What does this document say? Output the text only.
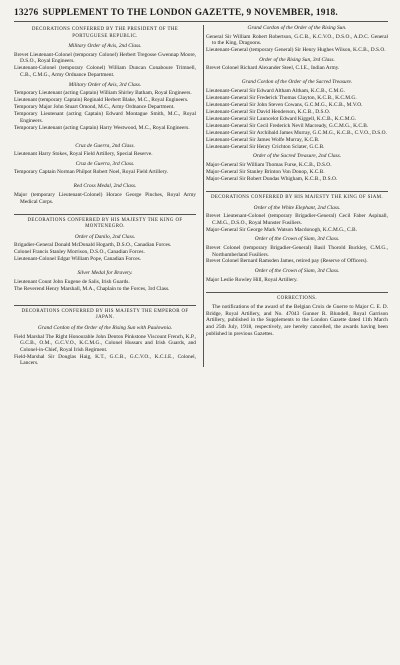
13276 SUPPLEMENT TO THE LONDON GAZETTE, 9 NOVEMBER, 1918.
DECORATIONS CONFERRED BY THE PRESIDENT OF THE PORTUGUESE REPUBLIC.
Military Order of Avis, 2nd Class.
Brevet Lieutenant-Colonel (temporary Colonel) Herbert Tregosse Gwennap Moore, D.S.O., Royal Engineers.
Lieutenant-Colonel (temporary Colonel) William Duncan Conaboure Trimnell, C.B., C.M.G., Army Ordnance Department.
Military Order of Avis, 3rd Class.
Temporary Lieutenant (acting Captain) William Shirley Batham, Royal Engineers.
Lieutenant (temporary Captain) Reginald Herbert Blake, M.C., Royal Engineers.
Temporary Major John Stuart Omond, M.C., Army Ordnance Department.
Temporary Lieutenant (acting Captain) Edward Montague Smith, M.C., Royal Engineers.
Temporary Lieutenant (acting Captain) Harry Westwood, M.C., Royal Engineers.
Cruz de Guerra, 2nd Class.
Lieutenant Harry Stokes, Royal Field Artillery, Special Reserve.
Cruz de Guerra, 3rd Class.
Temporary Captain Norman Philpot Robert Noel, Royal Field Artillery.
Red Cross Medal, 2nd Class.
Major (temporary Lieutenant-Colonel) Horace George Pinches, Royal Army Medical Corps.
DECORATIONS CONFERRED BY HIS MAJESTY THE KING OF MONTENEGRO.
Order of Danilo, 2nd Class.
Brigadier-General Donald McDonald Hogarth, D.S.O., Canadian Forces.
Colonel Francis Stanley Morrison, D.S.O., Canadian Forces.
Lieutenant-Colonel Edgar William Pope, Canadian Forces.
Silver Medal for Bravery.
Lieutenant Count John Eugene de Salis, Irish Guards.
The Reverend Henry Marshall, M.A., Chaplain to the Forces, 3rd Class.
DECORATIONS CONFERRED BY HIS MAJESTY THE EMPEROR OF JAPAN.
Grand Cordon of the Order of the Rising Sun with Paulownia.
Field Marshal The Right Honourable John Denton Pinkstone Viscount French, K.P., G.C.B., O.M., G.C.V.O., K.C.M.G., Colonel Hussars and Irish Guards, and Colonel-in-Chief, Royal Irish Regiment.
Field-Marshal Sir Douglas Haig, K.T., G.C.B., G.C.V.O., K.C.I.E., Colonel, Lancers.
Grand Cordon of the Order of the Rising Sun.
General Sir William Robert Robertson, G.C.B., K.C.V.O., D.S.O., A.D.C. General to the King, Dragoons.
Lieutenant-General (temporary General) Sir Henry Hughes Wilson, K.C.B., D.S.O.
Order of the Rising Sun, 3rd Class.
Brevet Colonel Richard Alexander Steel, C.I.E., Indian Army.
Grand Cordon of the Order of the Sacred Treasure.
Lieutenant-General Sir Edward Altham Altham, K.C.B., C.M.G.
Lieutenant-General Sir Frederick Thomas Clayton, K.C.B., K.C.M.G.
Lieutenant-General Sir John Steven Cowans, G.C.M.G., K.C.B., M.V.O.
Lieutenant-General Sir David Henderson, K.C.B., D.S.O.
Lieutenant-General Sir Launcelot Edward Kiggell, K.C.B., K.C.M.G.
Lieutenant-General Sir Cecil Frederick Nevil Macready, G.C.M.G., K.C.B.
Lieutenant-General Sir Archibald James Murray, G.C.M.G., K.C.B., C.V.O., D.S.O.
Lieutenant-General Sir James Wolfe Murray, K.C.B.
Lieutenant-General Sir Henry Crichton Sclater, G.C.B.
Order of the Sacred Treasure, 2nd Class.
Major-General Sir William Thomas Furse, K.C.B., D.S.O.
Major-General Sir Stanley Brinton Von Donop, K.C.B.
Major-General Sir Robert Dundas Whigham, K.C.B., D.S.O.
DECORATIONS CONFERRED BY HIS MAJESTY THE KING OF SIAM.
Order of the White Elephant, 2nd Class.
Brevet Lieutenant-Colonel (temporary Brigadier-General) Cecil Faber Aspinall, C.M.G., D.S.O., Royal Munster Fusiliers.
Major-General Sir George Mark Watson Macdonogh, K.C.M.G., C.B.
Order of the Crown of Siam, 3rd Class.
Brevet Colonel (temporary Brigadier-General) Basil Thorold Buckley, C.M.G., Northumberland Fusiliers.
Brevet Colonel Bernard Ramsden James, retired pay (Reserve of Officers).
Order of the Crown of Siam, 3rd Class.
Major Leslie Rowley Hill, Royal Artillery.
CORRECTIONS.
The notifications of the award of the Belgian Croix de Guerre to Major C. E. D. Bridge, Royal Artillery, and No. 47043 Gunner R. Blundell, Royal Garrison Artillery, published in the Supplements to the London Gazette dated 11th March and 25th July, 1918, respectively, are hereby cancelled, the awards having been published in previous Gazettes.
